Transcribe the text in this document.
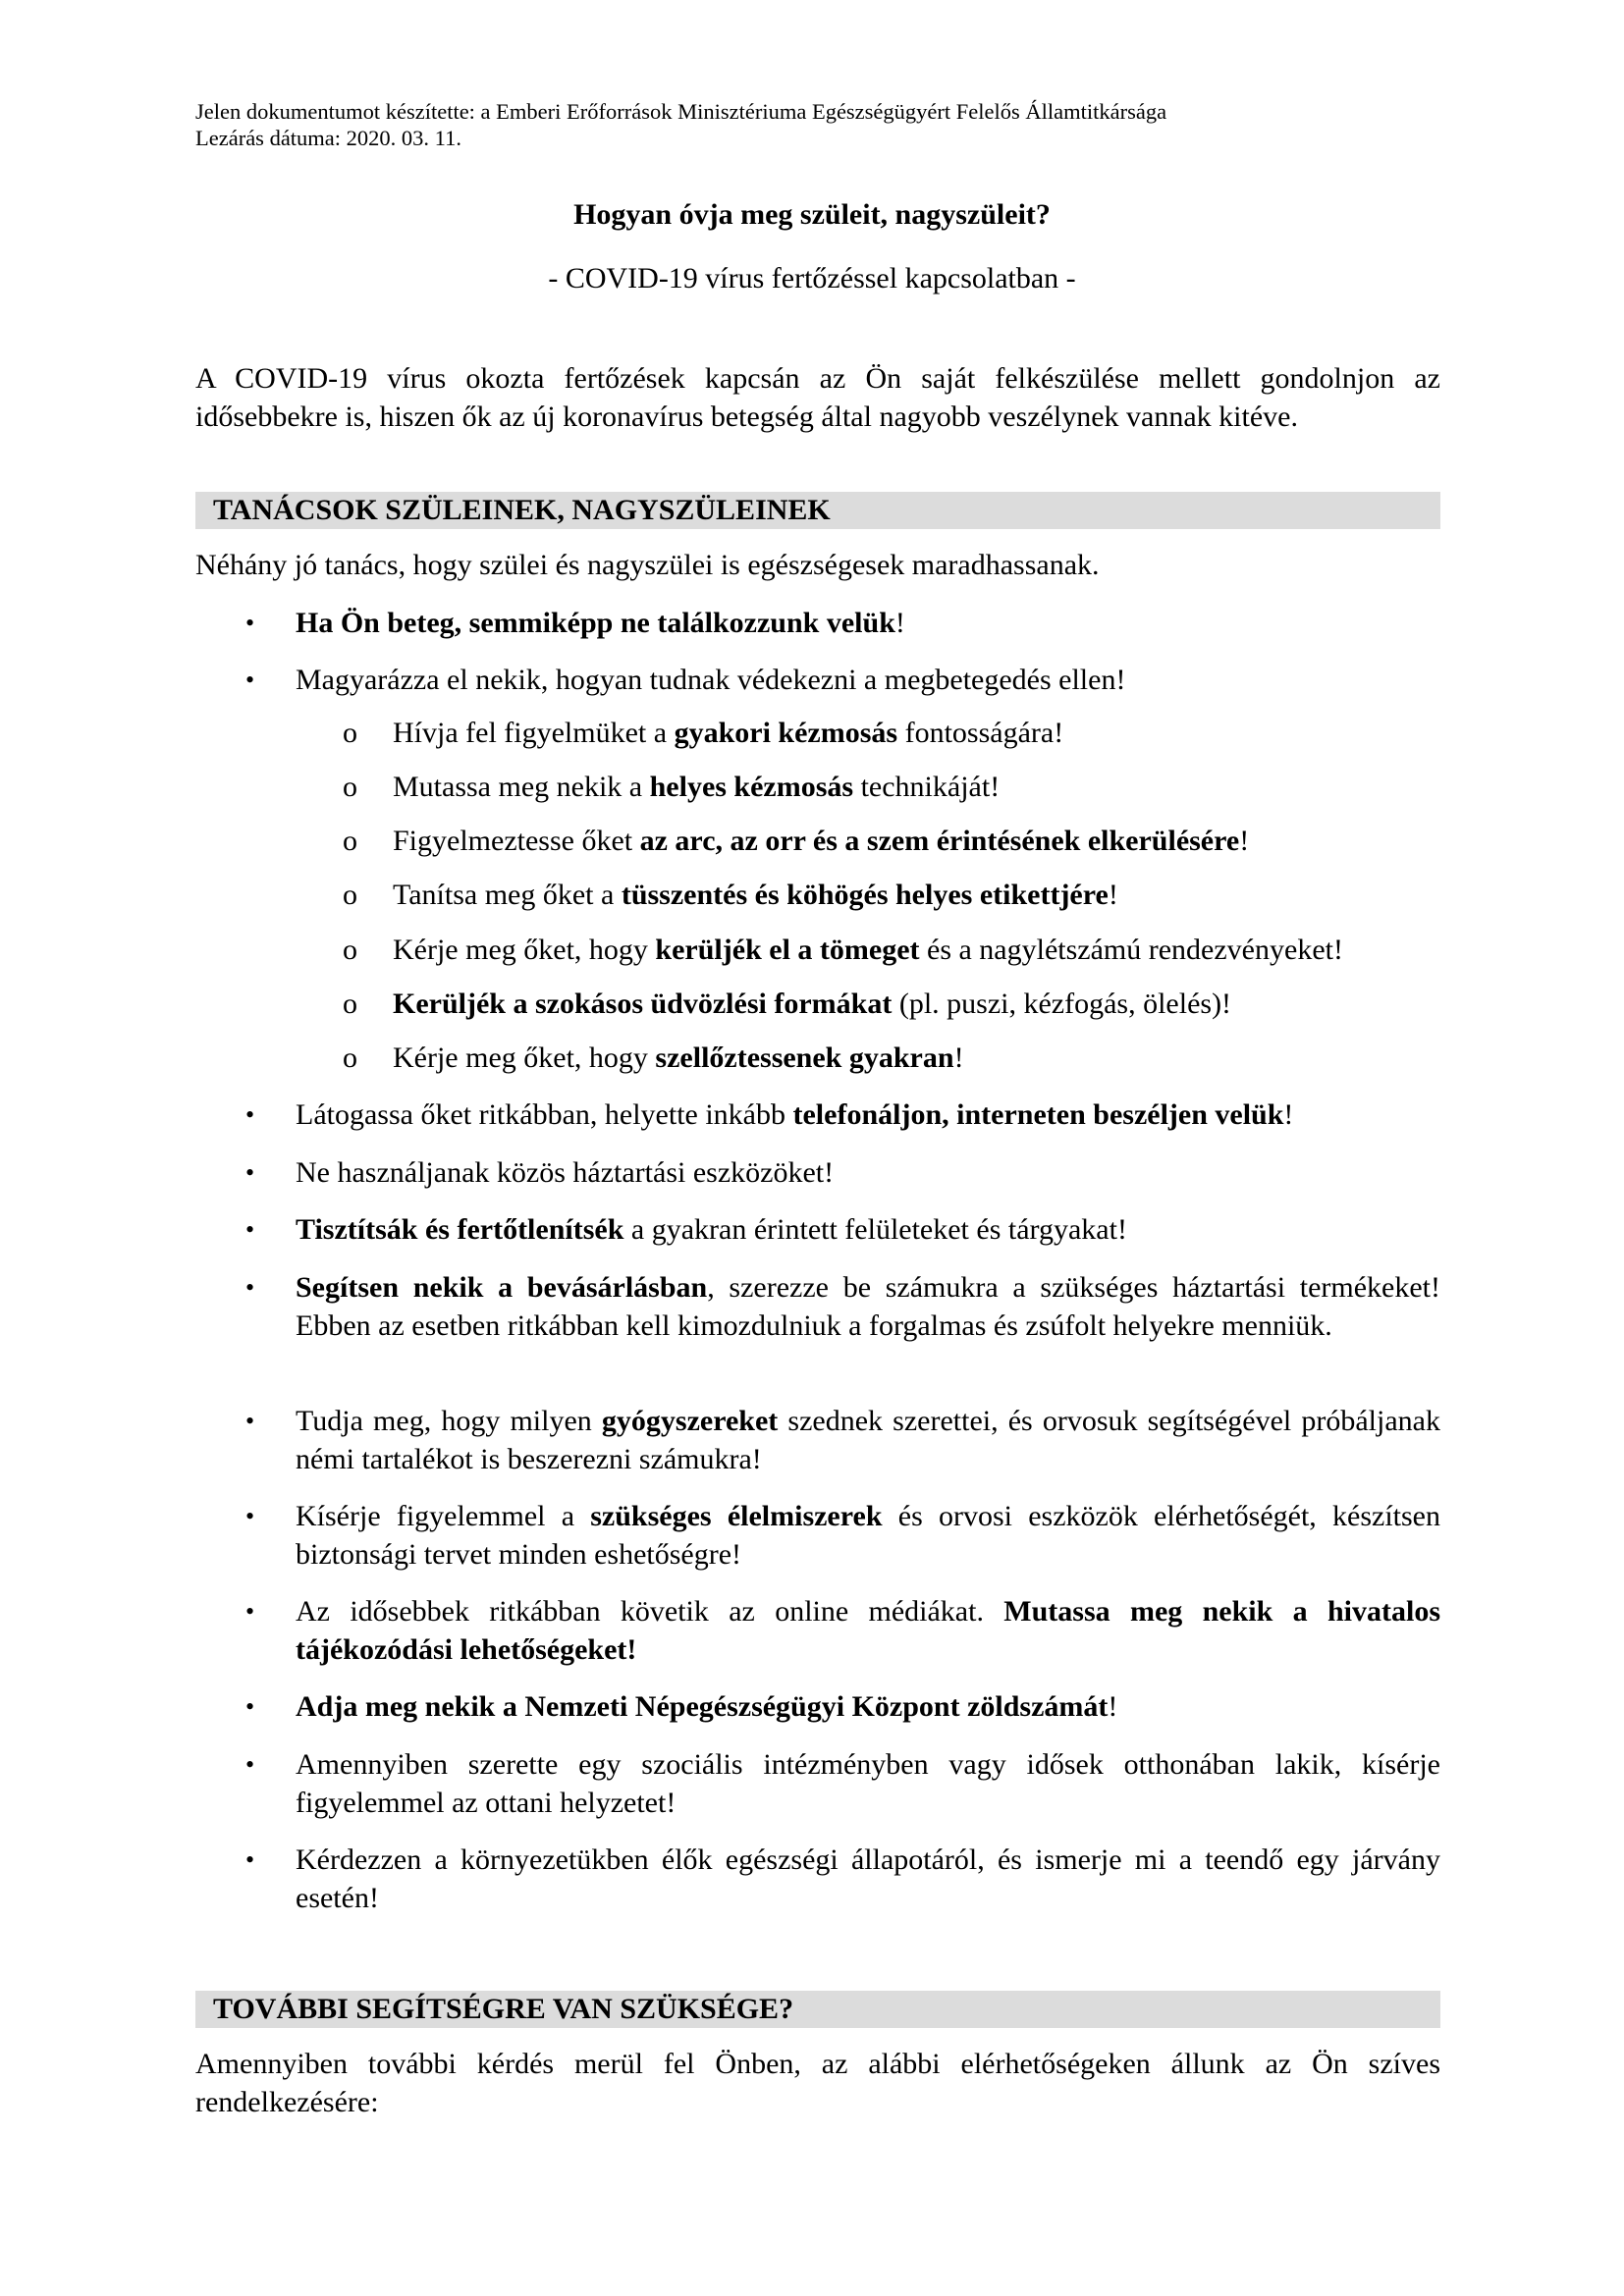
Jelen dokumentumot készítette: a Emberi Erőforrások Minisztériuma Egészségügyért Felelős Államtitkársága
Lezárás dátuma: 2020. 03. 11.
Hogyan óvja meg szüleit, nagyszüleit?
- COVID-19 vírus fertőzéssel kapcsolatban -
A COVID-19 vírus okozta fertőzések kapcsán az Ön saját felkészülése mellett gondolnjon az idősebbekre is, hiszen ők az új koronavírus betegség által nagyobb veszélynek vannak kitéve.
TANÁCSOK SZÜLEINEK, NAGYSZÜLEINEK
Néhány jó tanács, hogy szülei és nagyszülei is egészségesek maradhassanak.
• Ha Ön beteg, semmiképp ne találkozzunk velük!
• Magyarázza el nekik, hogyan tudnak védekezni a megbetegedés ellen!
o Hívja fel figyelmüket a gyakori kézmosás fontosságára!
o Mutassa meg nekik a helyes kézmosás technikáját!
o Figyelmeztesse őket az arc, az orr és a szem érintésének elkerülésére!
o Tanítsa meg őket a tüsszentés és köhögés helyes etikettjére!
o Kérje meg őket, hogy kerüljék el a tömeget és a nagylétszámú rendezvényeket!
o Kerüljék a szokásos üdvözlési formákat (pl. puszi, kézfogás, ölelés)!
o Kérje meg őket, hogy szellőztessenek gyakran!
• Látogassa őket ritkábban, helyette inkább telefonáljon, interneten beszéljen velük!
• Ne használjanak közös háztartási eszközöket!
• Tisztítsák és fertőtlenítsék a gyakran érintett felületeket és tárgyakat!
• Segítsen nekik a bevásárlásban, szerezze be számukra a szükséges háztartási termékeket! Ebben az esetben ritkábban kell kimozdulniuk a forgalmas és zsúfolt helyekre menniük.
• Tudja meg, hogy milyen gyógyszereket szednek szerettei, és orvosuk segítségével próbáljanak némi tartalékot is beszerezni számukra!
• Kísérje figyelemmel a szükséges élelmiszerek és orvosi eszközök elérhetőségét, készítsen biztonsági tervet minden eshetőségre!
• Az idősebbek ritkábban követik az online médiákat. Mutassa meg nekik a hivatalos tájékozódási lehetőségeket!
• Adja meg nekik a Nemzeti Népegészségügyi Központ zöldszámát!
• Amennyiben szerette egy szociális intézményben vagy idősek otthonában lakik, kísérje figyelemmel az ottani helyzetet!
• Kérdezzen a környezetükben élők egészségi állapotáról, és ismerje mi a teendő egy járvány esetén!
TOVÁBBI SEGÍTSÉGRE VAN SZÜKSÉGE?
Amennyiben további kérdés merül fel Önben, az alábbi elérhetőségeken állunk az Ön szíves rendelkezésére:
